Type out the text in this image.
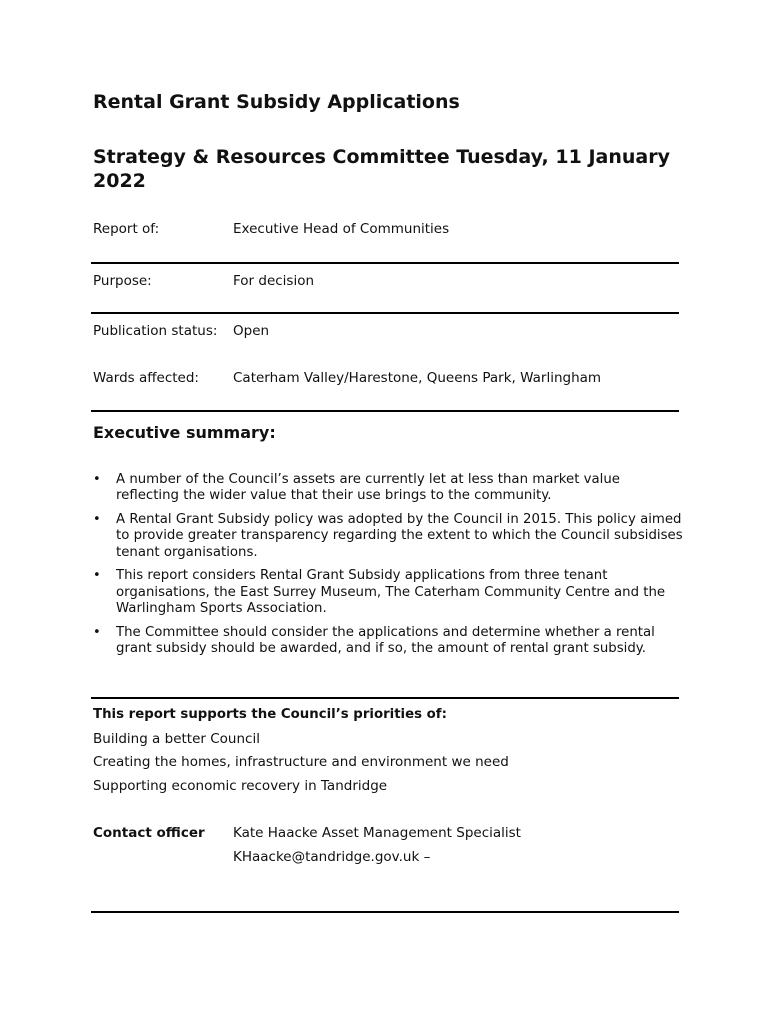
Rental Grant Subsidy Applications
Strategy & Resources Committee Tuesday, 11 January 2022
Report of:	Executive Head of Communities
Purpose:	For decision
Publication status: Open
Wards affected:	Caterham Valley/Harestone, Queens Park, Warlingham
Executive summary:
• A number of the Council’s assets are currently let at less than market value reflecting the wider value that their use brings to the community.
• A Rental Grant Subsidy policy was adopted by the Council in 2015. This policy aimed to provide greater transparency regarding the extent to which the Council subsidises tenant organisations.
• This report considers Rental Grant Subsidy applications from three tenant organisations, the East Surrey Museum, The Caterham Community Centre and the Warlingham Sports Association.
• The Committee should consider the applications and determine whether a rental grant subsidy should be awarded, and if so, the amount of rental grant subsidy.
This report supports the Council’s priorities of:
Building a better Council
Creating the homes, infrastructure and environment we need
Supporting economic recovery in Tandridge
Contact officer Kate Haacke Asset Management Specialist
KHaacke@tandridge.gov.uk –
